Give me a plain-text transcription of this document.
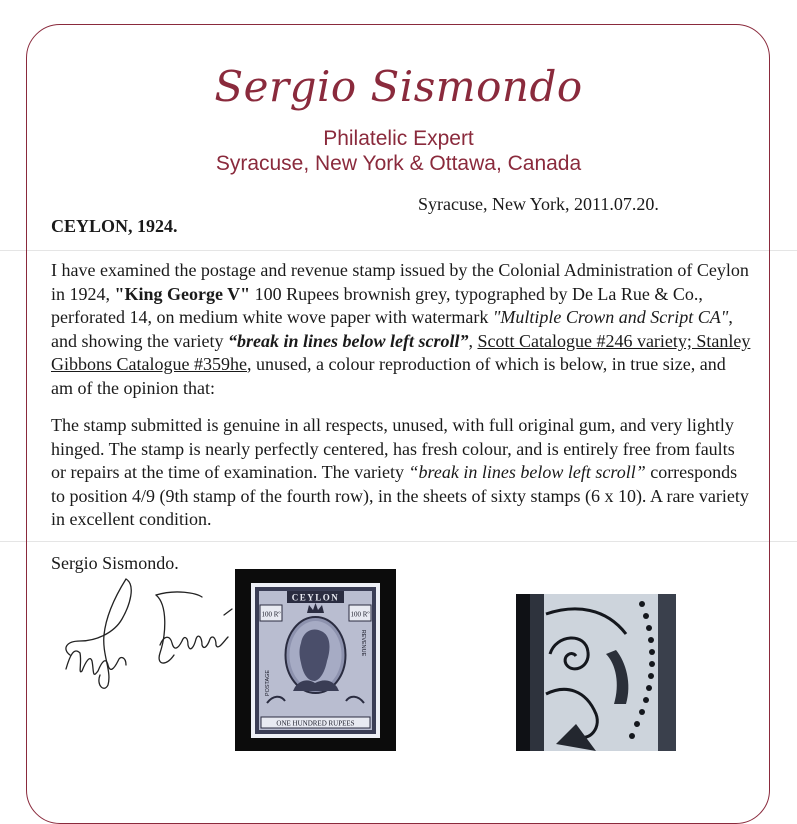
Sergio Sismondo
Philatelic Expert
Syracuse, New York & Ottawa, Canada
Syracuse, New York, 2011.07.20.
CEYLON, 1924.
I have examined the postage and revenue stamp issued by the Colonial Administration of Ceylon in 1924, "King George V" 100 Rupees brownish grey, typographed by De La Rue & Co., perforated 14, on medium white wove paper with watermark "Multiple Crown and Script CA", and showing the variety “break in lines below left scroll”, Scott Catalogue #246 variety; Stanley Gibbons Catalogue #359he, unused, a colour reproduction of which is below, in true size, and am of the opinion that:
The stamp submitted is genuine in all respects, unused, with full original gum, and very lightly hinged. The stamp is nearly perfectly centered, has fresh colour, and is entirely free from faults or repairs at the time of examination. The variety “break in lines below left scroll” corresponds to position 4/9 (9th stamp of the fourth row), in the sheets of sixty stamps (6 x 10). A rare variety in excellent condition.
Sergio Sismondo.
CEYLON
100 Rº	100 Rº
POSTAGE
REVENUE
ONE HUNDRED RUPEES
